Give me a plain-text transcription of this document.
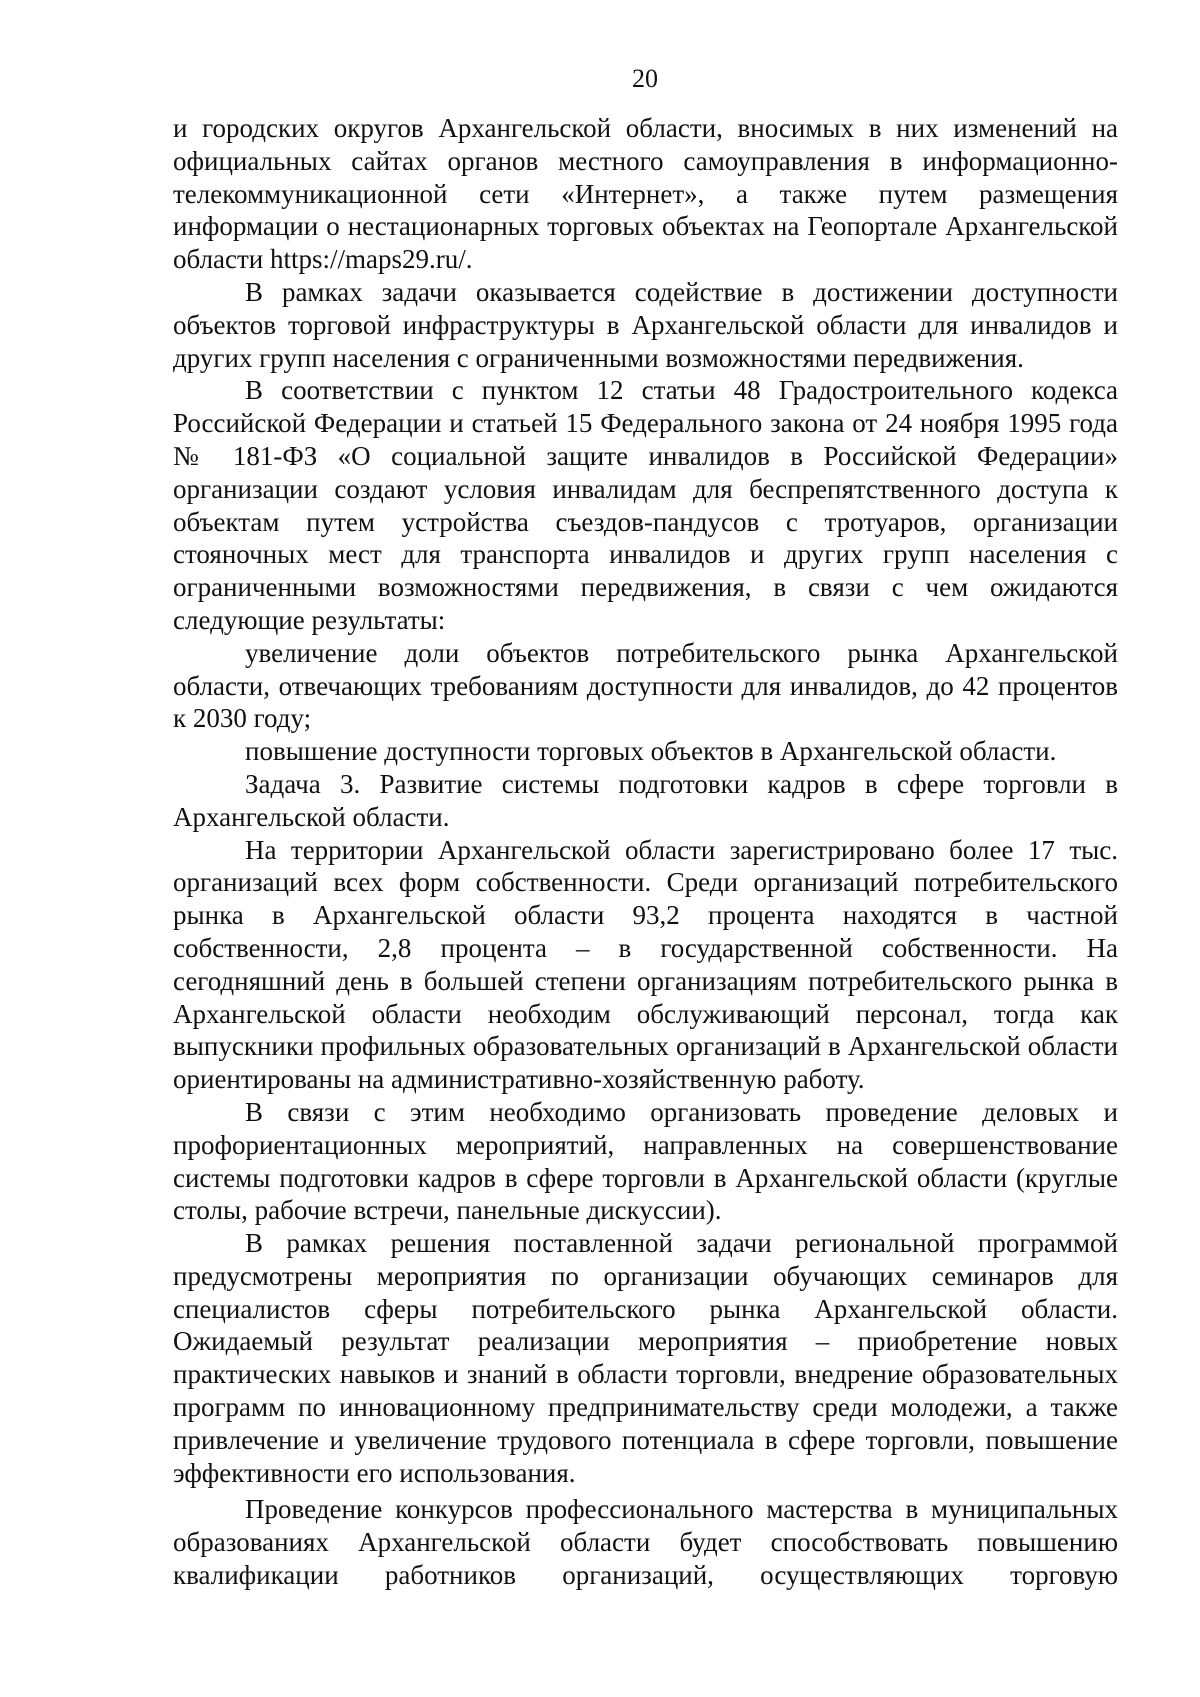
20

и городских округов Архангельской области, вносимых в них изменений на официальных сайтах органов местного самоуправления в информационно-телекоммуникационной сети «Интернет», а также путем размещения информации о нестационарных торговых объектах на Геопортале Архангельской области https://maps29.ru/.

В рамках задачи оказывается содействие в достижении доступности объектов торговой инфраструктуры в Архангельской области для инвалидов и других групп населения с ограниченными возможностями передвижения.

В соответствии с пунктом 12 статьи 48 Градостроительного кодекса Российской Федерации и статьей 15 Федерального закона от 24 ноября 1995 года № 181-ФЗ «О социальной защите инвалидов в Российской Федерации» организации создают условия инвалидам для беспрепятственного доступа к объектам путем устройства съездов-пандусов с тротуаров, организации стояночных мест для транспорта инвалидов и других групп населения с ограниченными возможностями передвижения, в связи с чем ожидаются следующие результаты:

увеличение доли объектов потребительского рынка Архангельской области, отвечающих требованиям доступности для инвалидов, до 42 процентов к 2030 году;

повышение доступности торговых объектов в Архангельской области.

Задача 3. Развитие системы подготовки кадров в сфере торговли в Архангельской области.

На территории Архангельской области зарегистрировано более 17 тыс. организаций всех форм собственности. Среди организаций потребительского рынка в Архангельской области 93,2 процента находятся в частной собственности, 2,8 процента – в государственной собственности. На сегодняшний день в большей степени организациям потребительского рынка в Архангельской области необходим обслуживающий персонал, тогда как выпускники профильных образовательных организаций в Архангельской области ориентированы на административно-хозяйственную работу.

В связи с этим необходимо организовать проведение деловых и профориентационных мероприятий, направленных на совершенствование системы подготовки кадров в сфере торговли в Архангельской области (круглые столы, рабочие встречи, панельные дискуссии).

В рамках решения поставленной задачи региональной программой предусмотрены мероприятия по организации обучающих семинаров для специалистов сферы потребительского рынка Архангельской области. Ожидаемый результат реализации мероприятия – приобретение новых практических навыков и знаний в области торговли, внедрение образовательных программ по инновационному предпринимательству среди молодежи, а также привлечение и увеличение трудового потенциала в сфере торговли, повышение эффективности его использования.

Проведение конкурсов профессионального мастерства в муниципальных образованиях Архангельской области будет способствовать повышению квалификации работников организаций, осуществляющих торговую
